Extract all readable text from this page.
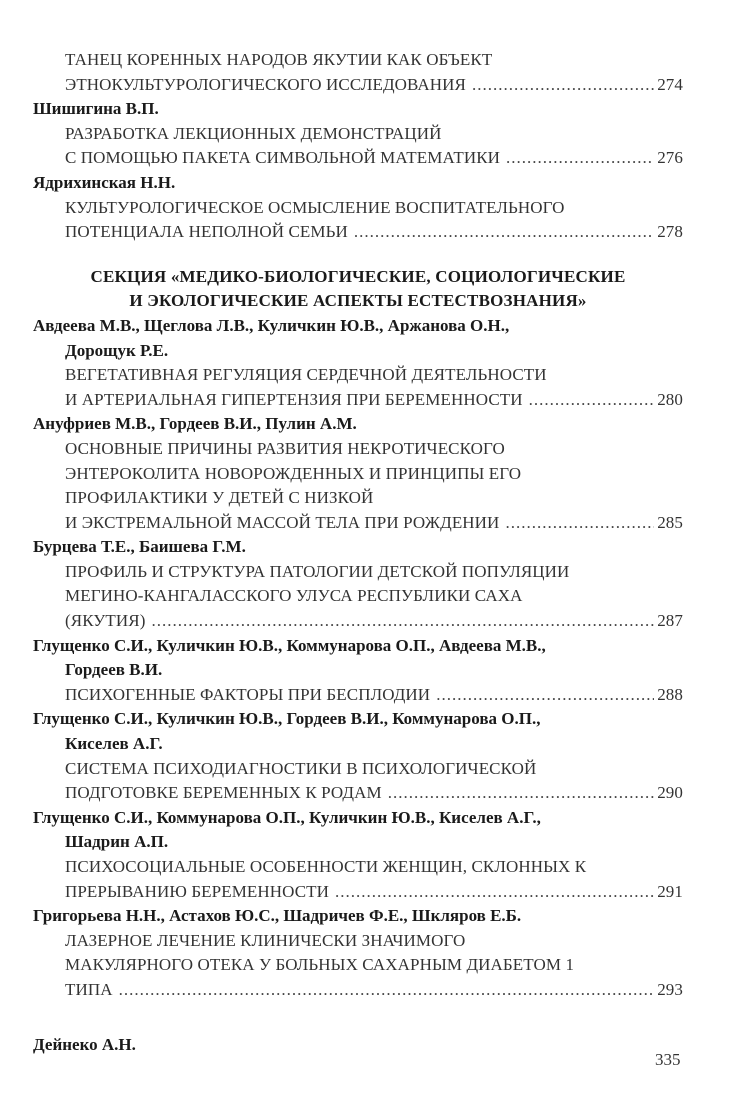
ТАНЕЦ КОРЕННЫХ НАРОДОВ ЯКУТИИ КАК ОБЪЕКТ
ЭТНОКУЛЬТУРОЛОГИЧЕСКОГО ИССЛЕДОВАНИЯ .....	274
Шишигина В.П.
РАЗРАБОТКА ЛЕКЦИОННЫХ ДЕМОНСТРАЦИЙ
С ПОМОЩЬЮ ПАКЕТА СИМВОЛЬНОЙ МАТЕМАТИКИ .....	276
Ядрихинская Н.Н.
КУЛЬТУРОЛОГИЧЕСКОЕ ОСМЫСЛЕНИЕ ВОСПИТАТЕЛЬНОГО
ПОТЕНЦИАЛА НЕПОЛНОЙ СЕМЬИ .....	278
СЕКЦИЯ «МЕДИКО-БИОЛОГИЧЕСКИЕ, СОЦИОЛОГИЧЕСКИЕ
И ЭКОЛОГИЧЕСКИЕ АСПЕКТЫ ЕСТЕСТВОЗНАНИЯ»
Авдеева М.В., Щеглова Л.В., Куличкин Ю.В., Аржанова О.Н.,
Дорощук Р.Е.
ВЕГЕТАТИВНАЯ РЕГУЛЯЦИЯ СЕРДЕЧНОЙ ДЕЯТЕЛЬНОСТИ
И АРТЕРИАЛЬНАЯ ГИПЕРТЕНЗИЯ ПРИ БЕРЕМЕННОСТИ .....	280
Ануфриев М.В., Гордеев В.И., Пулин А.М.
ОСНОВНЫЕ ПРИЧИНЫ РАЗВИТИЯ НЕКРОТИЧЕСКОГО
ЭНТЕРОКОЛИТА НОВОРОЖДЕННЫХ И ПРИНЦИПЫ ЕГО
ПРОФИЛАКТИКИ У ДЕТЕЙ С НИЗКОЙ
И ЭКСТРЕМАЛЬНОЙ МАССОЙ ТЕЛА ПРИ РОЖДЕНИИ .....	285
Бурцева Т.Е., Баишева Г.М.
ПРОФИЛЬ И СТРУКТУРА ПАТОЛОГИИ ДЕТСКОЙ ПОПУЛЯЦИИ
МЕГИНО-КАНГАЛАССКОГО УЛУСА РЕСПУБЛИКИ САХА
(ЯКУТИЯ) .....	287
Глущенко С.И., Куличкин Ю.В., Коммунарова О.П., Авдеева М.В.,
Гордеев В.И.
ПСИХОГЕННЫЕ ФАКТОРЫ ПРИ БЕСПЛОДИИ .....	288
Глущенко С.И., Куличкин Ю.В., Гордеев В.И., Коммунарова О.П.,
Киселев А.Г.
СИСТЕМА ПСИХОДИАГНОСТИКИ В ПСИХОЛОГИЧЕСКОЙ
ПОДГОТОВКЕ БЕРЕМЕННЫХ К РОДАМ .....	290
Глущенко С.И., Коммунарова О.П., Куличкин Ю.В., Киселев А.Г.,
Шадрин А.П.
ПСИХОСОЦИАЛЬНЫЕ ОСОБЕННОСТИ ЖЕНЩИН, СКЛОННЫХ К
ПРЕРЫВАНИЮ БЕРЕМЕННОСТИ .....	291
Григорьева Н.Н., Астахов Ю.С., Шадричев Ф.Е., Шкляров Е.Б.
ЛАЗЕРНОЕ ЛЕЧЕНИЕ КЛИНИЧЕСКИ ЗНАЧИМОГО
МАКУЛЯРНОГО ОТЕКА У БОЛЬНЫХ САХАРНЫМ ДИАБЕТОМ 1
ТИПА .....	293
Дейнеко А.Н.
335
